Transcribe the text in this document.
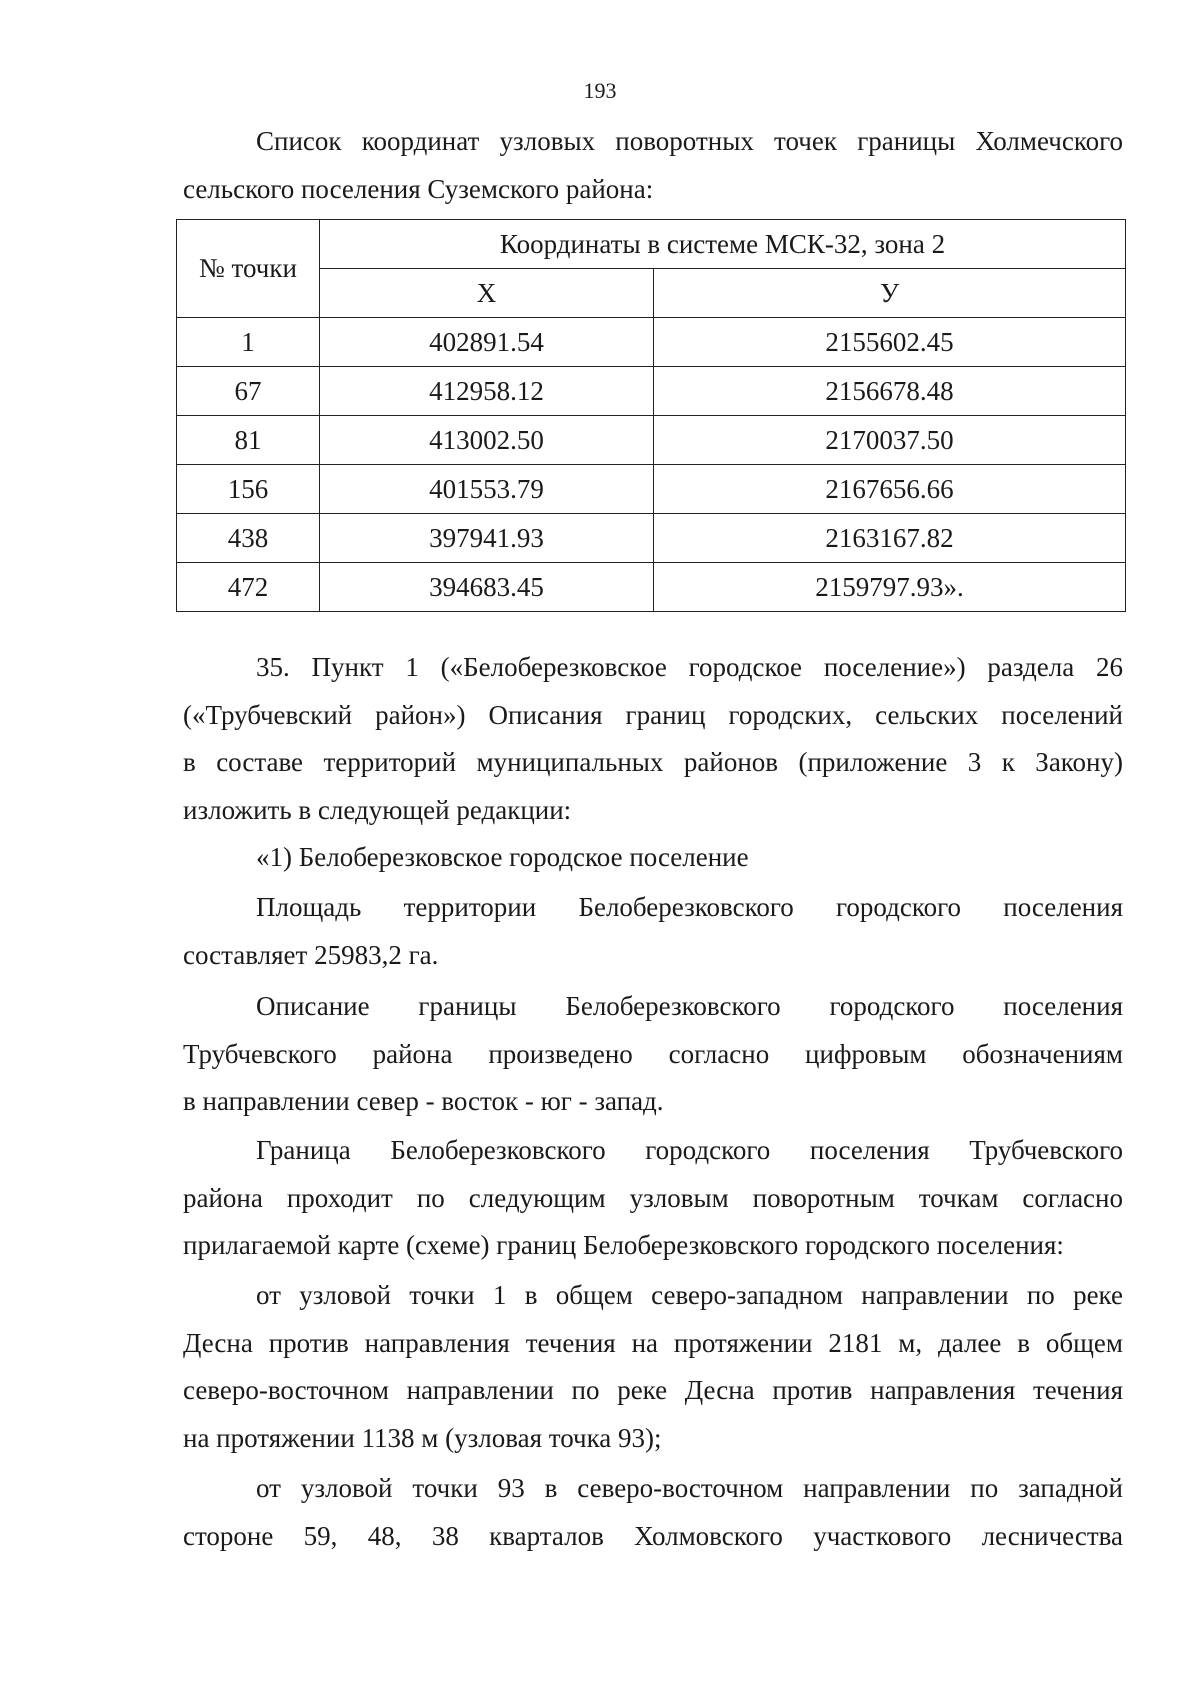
193
Список координат узловых поворотных точек границы Холмечского
сельского поселения Суземского района:
№ точки	Координаты в системе МСК-32, зона 2	
	Х	У
1	402891.54	2155602.45
67	412958.12	2156678.48
81	413002.50	2170037.50
156	401553.79	2167656.66
438	397941.93	2163167.82
472	394683.45	2159797.93».
35. Пункт 1 («Белоберезковское городское поселение») раздела 26
(«Трубчевский район») Описания границ городских, сельских поселений
в составе территорий муниципальных районов (приложение 3 к Закону)
изложить в следующей редакции:
«1) Белоберезковское городское поселение
Площадь территории Белоберезковского городского поселения
составляет 25983,2 га.
Описание границы Белоберезковского городского поселения
Трубчевского района произведено согласно цифровым обозначениям
в направлении север - восток - юг - запад.
Граница Белоберезковского городского поселения Трубчевского
района проходит по следующим узловым поворотным точкам согласно
прилагаемой карте (схеме) границ Белоберезковского городского поселения:
от узловой точки 1 в общем северо-западном направлении по реке
Десна против направления течения на протяжении 2181 м, далее в общем
северо-восточном направлении по реке Десна против направления течения
на протяжении 1138 м (узловая точка 93);
от узловой точки 93 в северо-восточном направлении по западной
стороне 59, 48, 38 кварталов Холмовского участкового лесничества
